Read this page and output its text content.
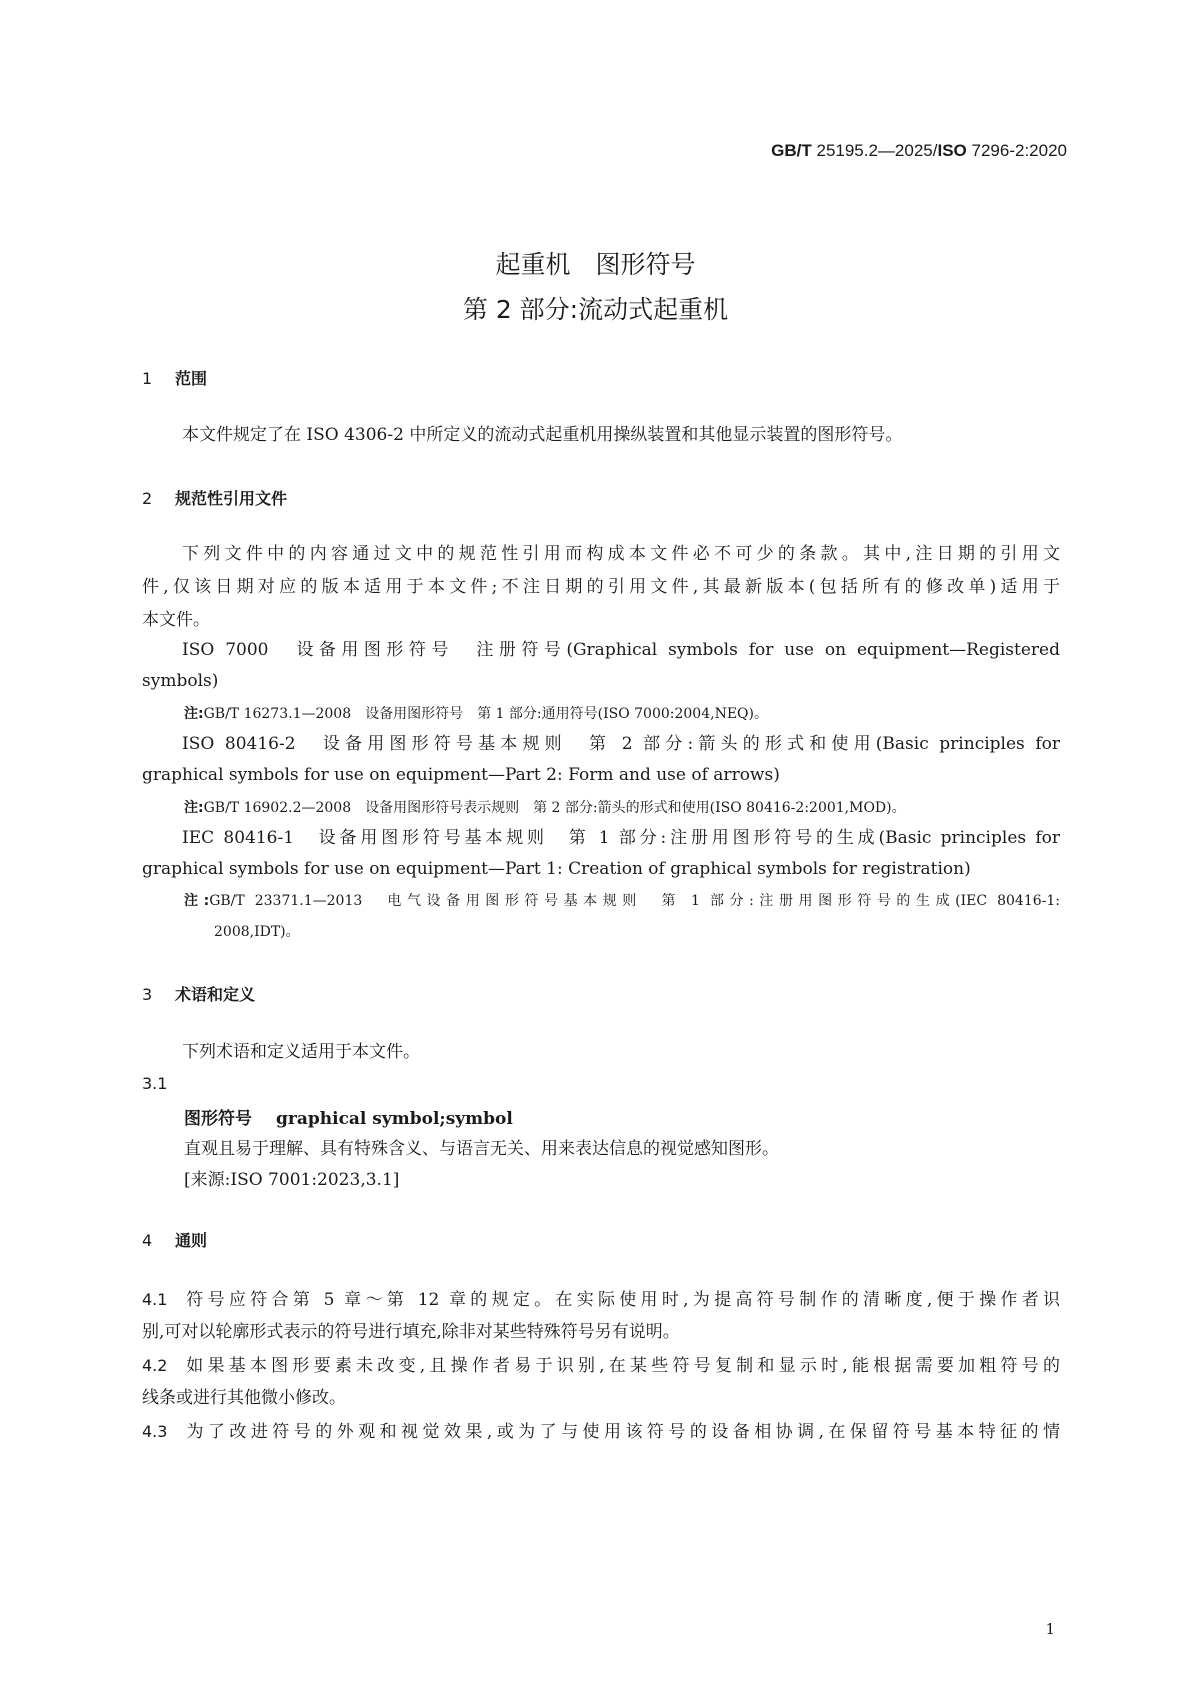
GB/T 25195.2—2025/ISO 7296-2:2020
起重机　图形符号
第 2 部分:流动式起重机
1 范围
本文件规定了在 ISO 4306-2 中所定义的流动式起重机用操纵装置和其他显示装置的图形符号。
2 规范性引用文件
下列文件中的内容通过文中的规范性引用而构成本文件必不可少的条款。其中,注日期的引用文
件,仅该日期对应的版本适用于本文件;不注日期的引用文件,其最新版本(包括所有的修改单)适用于
本文件。
ISO 7000　设备用图形符号　注册符号(Graphical symbols for use on equipment—Registered
symbols)
注:GB/T 16273.1—2008　设备用图形符号　第 1 部分:通用符号(ISO 7000:2004,NEQ)。
ISO 80416-2　设备用图形符号基本规则　第 2 部分:箭头的形式和使用(Basic principles for
graphical symbols for use on equipment—Part 2: Form and use of arrows)
注:GB/T 16902.2—2008　设备用图形符号表示规则　第 2 部分:箭头的形式和使用(ISO 80416-2:2001,MOD)。
IEC 80416-1　设备用图形符号基本规则　第 1 部分:注册用图形符号的生成(Basic principles for
graphical symbols for use on equipment—Part 1: Creation of graphical symbols for registration)
注:GB/T 23371.1—2013　电气设备用图形符号基本规则　第 1 部分:注册用图形符号的生成(IEC 80416-1:
2008,IDT)。
3 术语和定义
下列术语和定义适用于本文件。
3.1
图形符号 graphical symbol;symbol
直观且易于理解、具有特殊含义、与语言无关、用来表达信息的视觉感知图形。
[来源:ISO 7001:2023,3.1]
4 通则
4.1 符号应符合第 5 章～第 12 章的规定。在实际使用时,为提高符号制作的清晰度,便于操作者识
别,可对以轮廓形式表示的符号进行填充,除非对某些特殊符号另有说明。
4.2 如果基本图形要素未改变,且操作者易于识别,在某些符号复制和显示时,能根据需要加粗符号的
线条或进行其他微小修改。
4.3 为了改进符号的外观和视觉效果,或为了与使用该符号的设备相协调,在保留符号基本特征的情
1
